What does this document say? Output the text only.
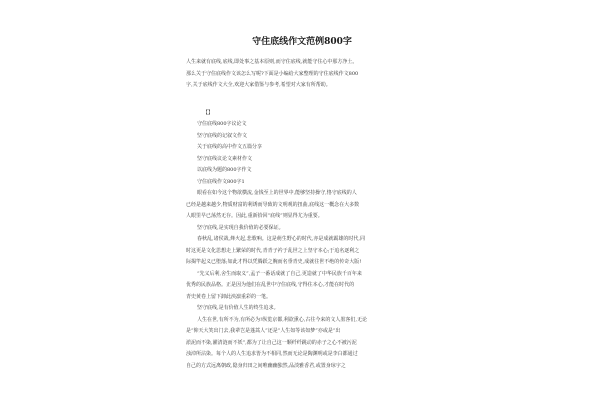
守住底线作文范例800字

人生来就有底线,底线,即处事之基本原则,而守住底线,就能守住心中那方净土。
那么关于守住底线作文该怎么写呢?下面是小编给大家整理的守住底线作文800
字,关于底线作文大全,欢迎大家借鉴与参考,希望对大家有所帮助。

【】
守住底线800字议论文
坚守底线的记叙文作文
关于底线的高中作文五篇分享
坚守底线议论文素材作文
以底线为题的800字作文
守住底线作文800字1
眼看在如今这个物欲横流,金钱至上的世界中,能够坚持操守,恪守底线的人
已经是越来越少,物质财富的利诱而导致的文明观的扭曲,底线这一概念在大多数
人眼里早已荡然无存。因此,重新拾回“底线”则显得尤为重要。
坚守底线,是实现自我价值的必要保证。
春秋乱,诸侯战,烽火起,悲歌响。这是萌生野心的时代,亦是成就霸雄的时代,同
时这更是文化思想走上繁荣的时代,青青子衿于乱世之上坚守本心;于追名逐利之
际揭竿起义已堕落;如此才得以凭腾跃之腕而名垂青史,成就往世不绝的传奇大版!
“先义后利,舍生而取义”,孟子一番话成就了自己,更造就了中华民族千百年来
优秀的民族品格。正是因为他们在乱世中守住底线,守得住本心,才能在时代的
青史黄卷上留下卸此泱凛重彩的一笔。
坚守底线,是有价值人生的终生追求。
人生在世,有所不为,有所必为!纵览京都,利欲熏心,古往今来的文人墨客们,无论
是“仰天大笑出门去,我辈岂是蓬蒿人”还是“人生如等该如梦”亦或是“出
淤泥而不染,濯清涟而不妖”,都为了让自己这一颗纤纤跳动的赤子之心不被污泥
浊淖所沾染。每个人的人生追求皆为不相同,然而无论是陶渊明或是李白都通过
自己的方式远离朝政,隐身归田之间唯幽幽独然,品淡雅香君,或置身琼宇之
